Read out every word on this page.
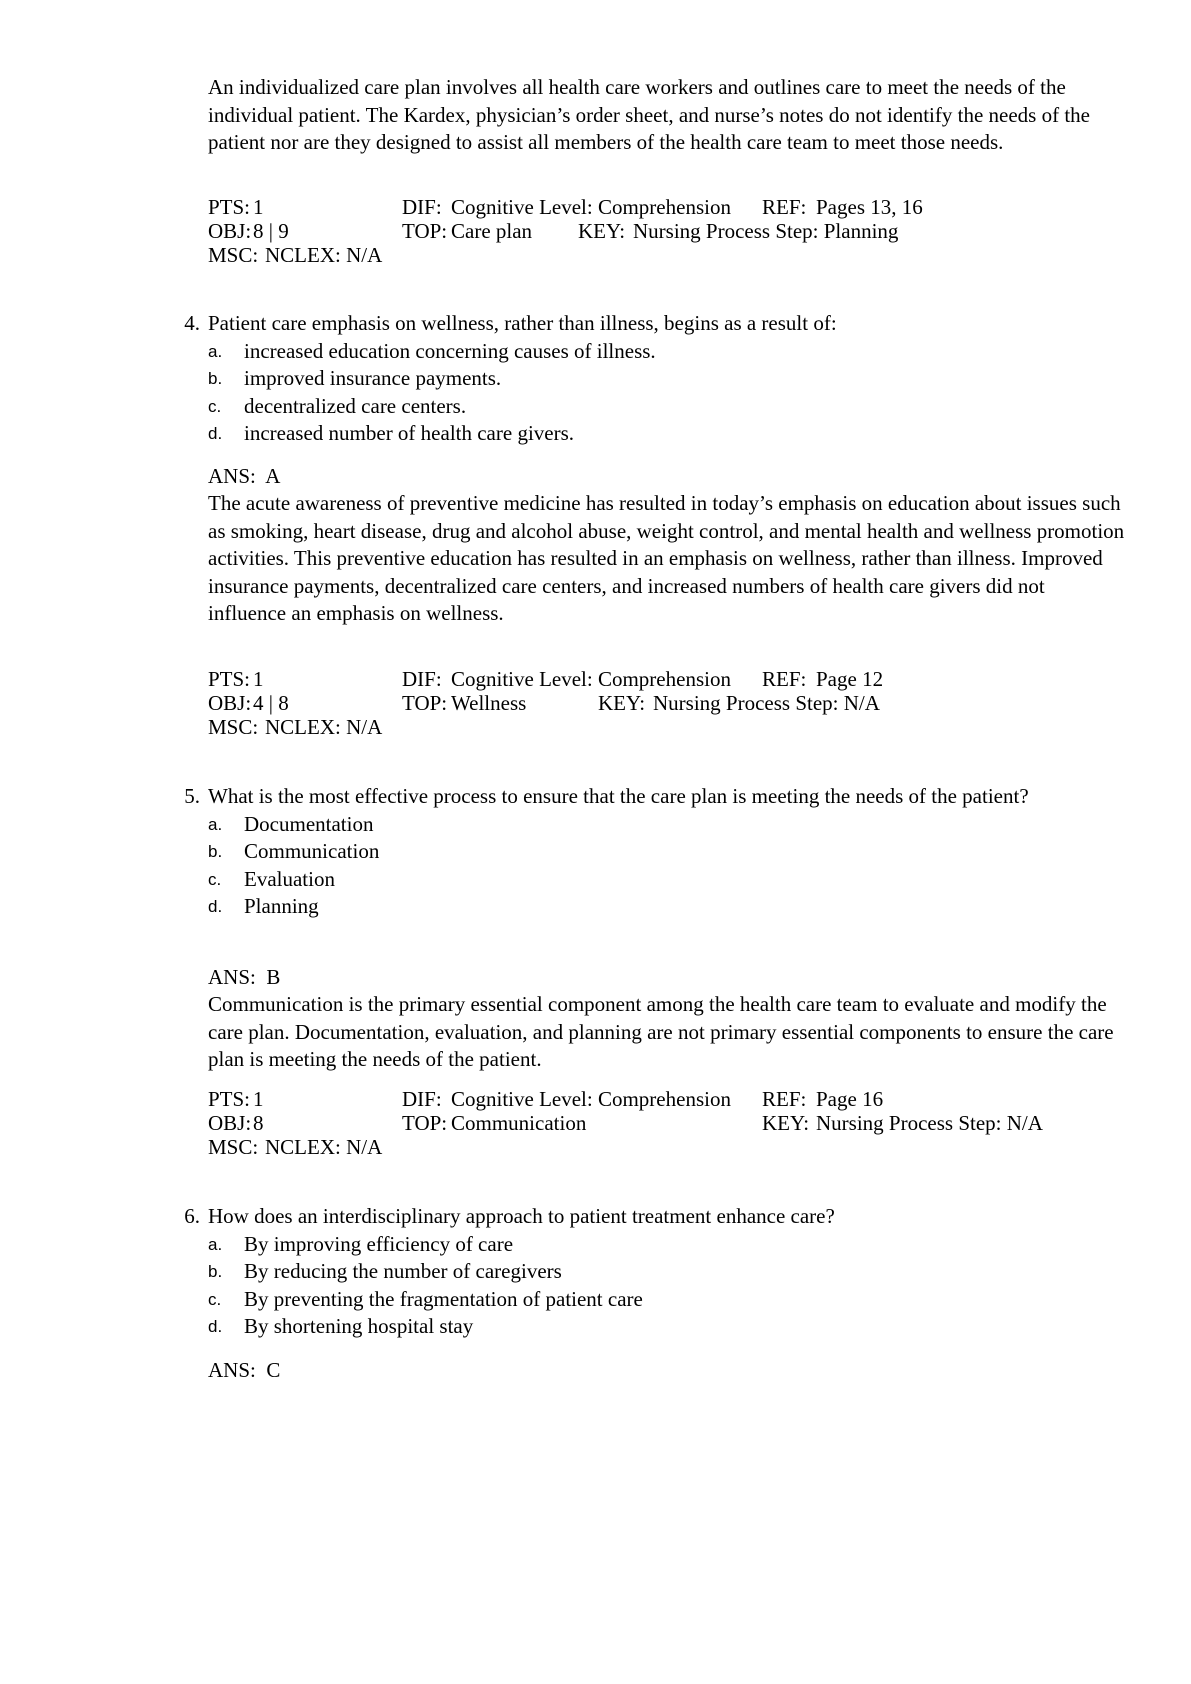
An individualized care plan involves all health care workers and outlines care to meet the needs of the individual patient. The Kardex, physician’s order sheet, and nurse’s notes do not identify the needs of the patient nor are they designed to assist all members of the health care team to meet those needs.

PTS: 1	DIF: Cognitive Level: Comprehension REF: Pages 13, 16
OBJ: 8 | 9	TOP: Care plan KEY: Nursing Process Step: Planning
MSC: NCLEX: N/A
4. Patient care emphasis on wellness, rather than illness, begins as a result of:
a. increased education concerning causes of illness.
b. improved insurance payments.
c. decentralized care centers.
d. increased number of health care givers.
ANS: A

The acute awareness of preventive medicine has resulted in today’s emphasis on education about issues such as smoking, heart disease, drug and alcohol abuse, weight control, and mental health and wellness promotion activities. This preventive education has resulted in an emphasis on wellness, rather than illness. Improved insurance payments, decentralized care centers, and increased numbers of health care givers did not influence an emphasis on wellness.

PTS: 1	DIF: Cognitive Level: Comprehension REF: Page 12
OBJ: 4 | 8	TOP: Wellness	KEY: Nursing Process Step: N/A
MSC: NCLEX: N/A
5. What is the most effective process to ensure that the care plan is meeting the needs of the patient?
a. Documentation
b. Communication
c. Evaluation
d. Planning
ANS: B

Communication is the primary essential component among the health care team to evaluate and modify the care plan. Documentation, evaluation, and planning are not primary essential components to ensure the care plan is meeting the needs of the patient.

PTS: 1	DIF: Cognitive Level: Comprehension REF: Page 16
OBJ: 8	TOP: Communication	KEY: Nursing Process Step: N/A
MSC: NCLEX: N/A
6. How does an interdisciplinary approach to patient treatment enhance care?
a. By improving efficiency of care
b. By reducing the number of caregivers
c. By preventing the fragmentation of patient care
d. By shortening hospital stay
ANS: C
